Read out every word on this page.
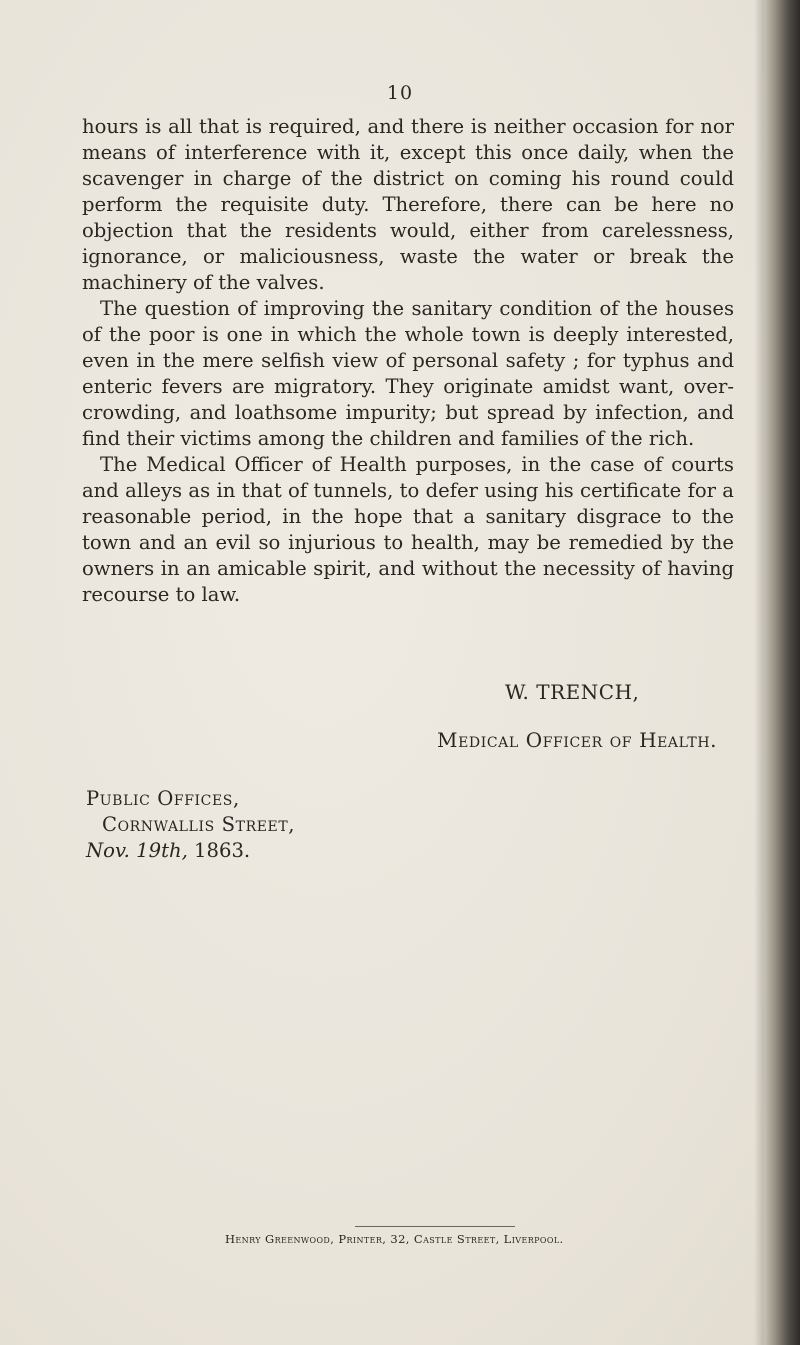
10

hours is all that is required, and there is neither occasion for nor means of interference with it, except this once daily, when the scavenger in charge of the district on coming his round could perform the requisite duty. Therefore, there can be here no objection that the residents would, either from carelessness, ignorance, or maliciousness, waste the water or break the machinery of the valves.

The question of improving the sanitary condition of the houses of the poor is one in which the whole town is deeply interested, even in the mere selfish view of personal safety ; for typhus and enteric fevers are migratory. They originate amidst want, over-crowding, and loathsome impurity; but spread by infection, and find their victims among the children and families of the rich.

The Medical Officer of Health purposes, in the case of courts and alleys as in that of tunnels, to defer using his certificate for a reasonable period, in the hope that a sanitary disgrace to the town and an evil so injurious to health, may be remedied by the owners in an amicable spirit, and without the necessity of having recourse to law.

W. TRENCH,
Medical Officer of Health.
Public Offices,
Cornwallis Street,
Nov. 19th, 1863.
Henry Greenwood, Printer, 32, Castle Street, Liverpool.
